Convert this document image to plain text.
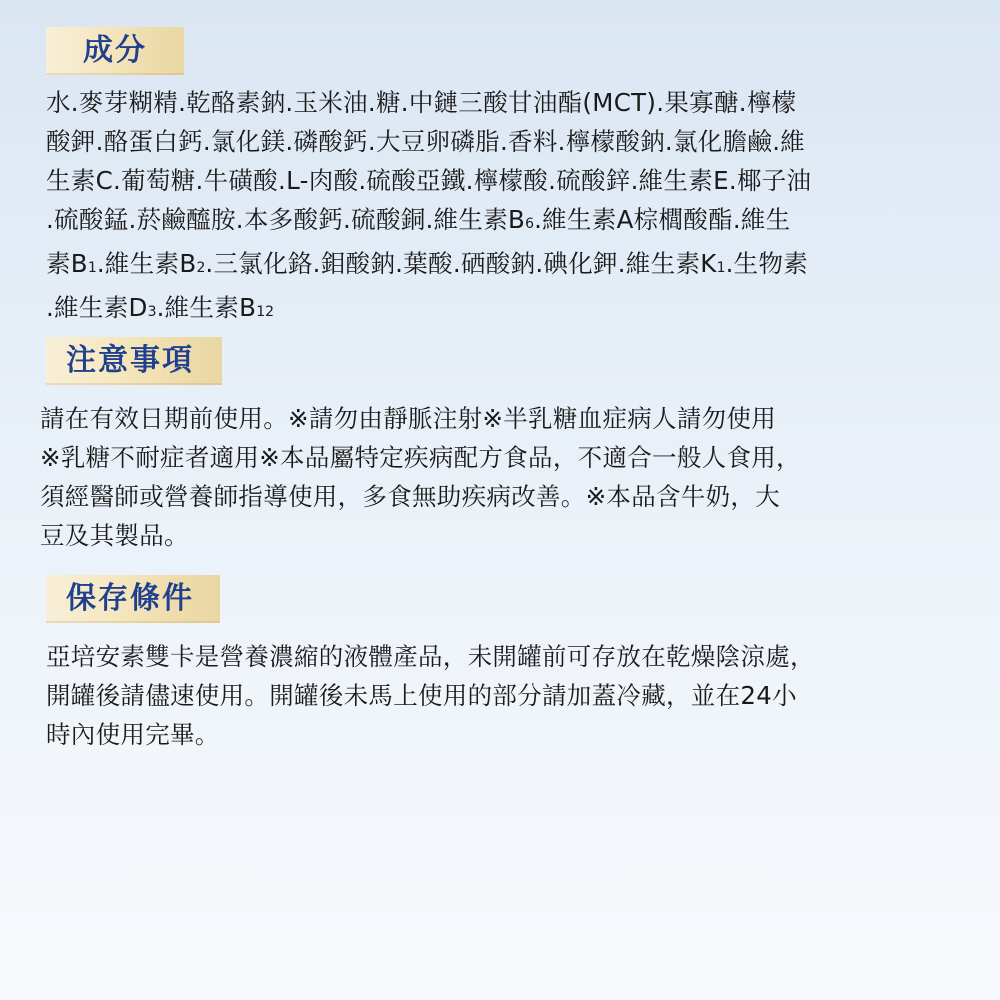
成分
水.麥芽糊精.乾酪素鈉.玉米油.糖.中鏈三酸甘油酯(MCT).果寡醣.檸檬
酸鉀.酪蛋白鈣.氯化鎂.磷酸鈣.大豆卵磷脂.香料.檸檬酸鈉.氯化膽鹼.維
生素C.葡萄糖.牛磺酸.L-肉酸.硫酸亞鐵.檸檬酸.硫酸鋅.維生素E.椰子油
.硫酸錳.菸鹼醯胺.本多酸鈣.硫酸銅.維生素B6.維生素A棕櫚酸酯.維生
素B1.維生素B2.三氯化鉻.鉬酸鈉.葉酸.硒酸鈉.碘化鉀.維生素K1.生物素
.維生素D3.維生素B12
注意事項
請在有效日期前使用。※請勿由靜脈注射※半乳糖血症病人請勿使用
※乳糖不耐症者適用※本品屬特定疾病配方食品，不適合一般人食用，
須經醫師或營養師指導使用，多食無助疾病改善。※本品含牛奶，大
豆及其製品。
保存條件
亞培安素雙卡是營養濃縮的液體產品，未開罐前可存放在乾燥陰涼處，
開罐後請儘速使用。開罐後未馬上使用的部分請加蓋冷藏，並在24小
時內使用完畢。
